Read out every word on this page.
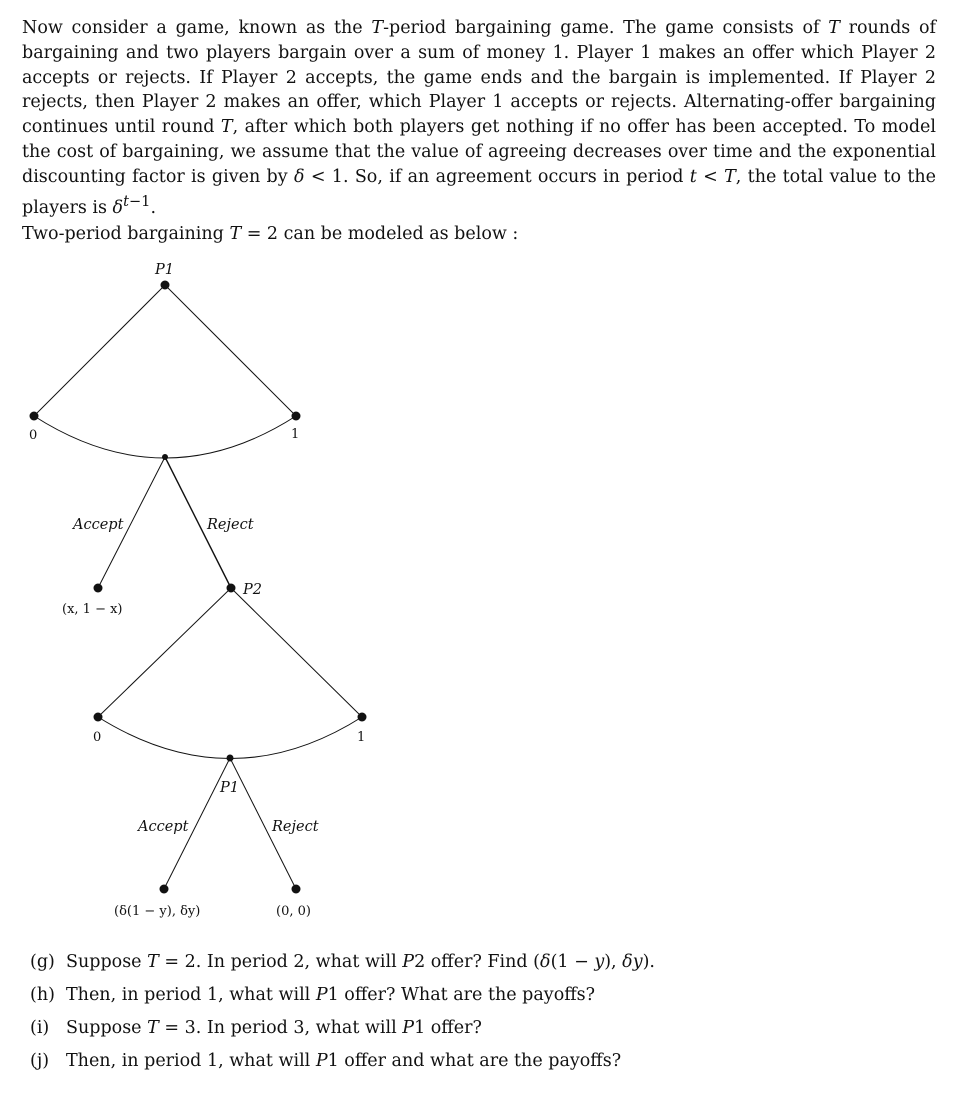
Now consider a game, known as the T-period bargaining game. The game consists of T rounds of bargaining and two players bargain over a sum of money 1. Player 1 makes an offer which Player 2 accepts or rejects. If Player 2 accepts, the game ends and the bargain is implemented. If Player 2 rejects, then Player 2 makes an offer, which Player 1 accepts or rejects. Alternating-offer bargaining continues until round T, after which both players get nothing if no offer has been accepted. To model the cost of bargaining, we assume that the value of agreeing decreases over time and the exponential discounting factor is given by δ < 1. So, if an agreement occurs in period t < T, the total value to the players is $\delta^{t-1}$.

Two-period bargaining T = 2 can be modeled as below :
P1
0	1
Accept	Reject
(x, 1 − x)
P2
0	1
P1
Accept	Reject
(δ(1 − y), δy)	(0, 0)
(g) Suppose T = 2. In period 2, what will P2 offer? Find (δ(1 − y), δy).
(h) Then, in period 1, what will P1 offer? What are the payoffs?
(i) Suppose T = 3. In period 3, what will P1 offer?
(j) Then, in period 1, what will P1 offer and what are the payoffs?
